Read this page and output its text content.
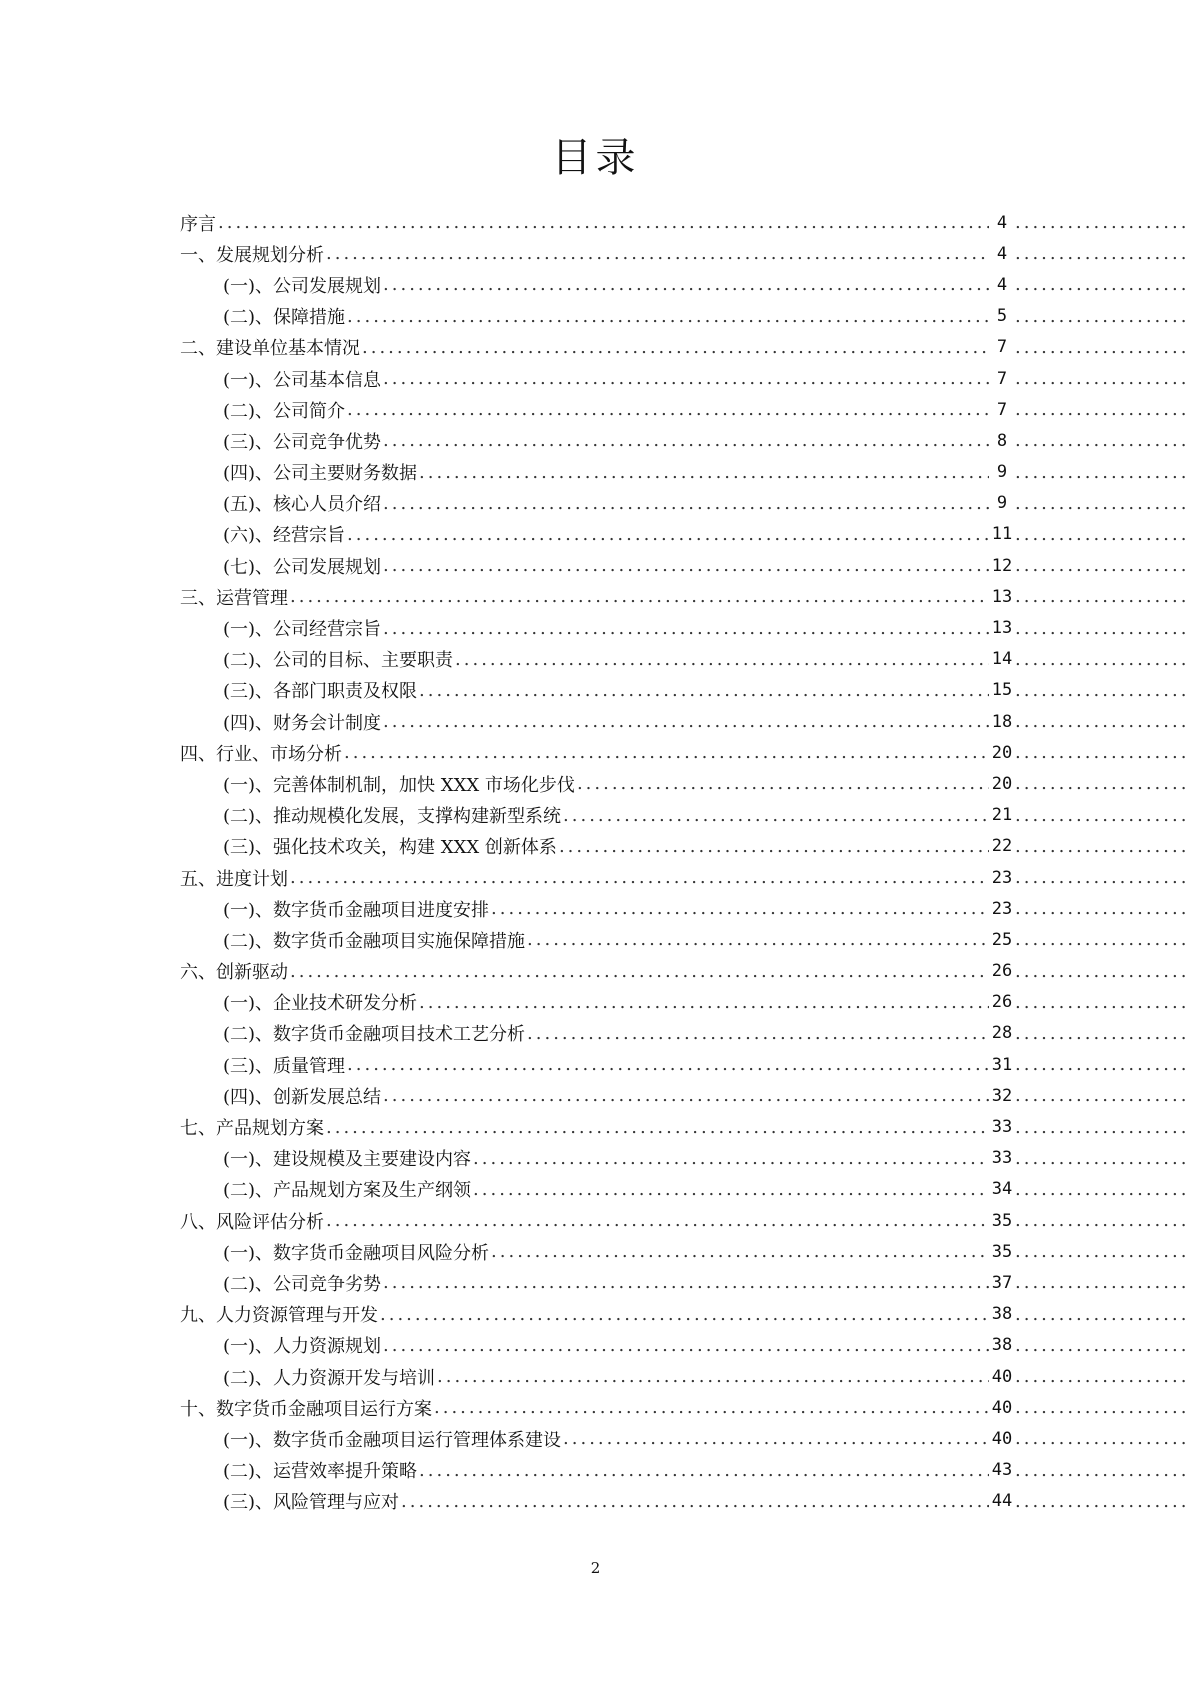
目录
序言 .....	4
.....
一、发展规划分析 .....	4
.....
(一)、公司发展规划 .....	4
.....
(二)、保障措施 .....	5
.....
二、建设单位基本情况 .....	7
.....
(一)、公司基本信息 .....	7
.....
(二)、公司简介 .....	7
.....
(三)、公司竞争优势 .....	8
.....
(四)、公司主要财务数据 .....	9
.....
(五)、核心人员介绍 .....	9
.....
(六)、经营宗旨 .....	11
.....
(七)、公司发展规划 .....	12
.....
三、运营管理 .....	13
.....
(一)、公司经营宗旨 .....	13
.....
(二)、公司的目标、主要职责 .....	14
.....
(三)、各部门职责及权限 .....	15
.....
(四)、财务会计制度 .....	18
.....
四、行业、市场分析 .....	20
.....
(一)、完善体制机制，加快 XXX 市场化步伐 .....	20
.....
(二)、推动规模化发展，支撑构建新型系统 .....	21
.....
(三)、强化技术攻关，构建 XXX 创新体系 .....	22
.....
五、进度计划 .....	23
.....
(一)、数字货币金融项目进度安排 .....	23
.....
(二)、数字货币金融项目实施保障措施 .....	25
.....
六、创新驱动 .....	26
.....
(一)、企业技术研发分析 .....	26
.....
(二)、数字货币金融项目技术工艺分析 .....	28
.....
(三)、质量管理 .....	31
.....
(四)、创新发展总结 .....	32
.....
七、产品规划方案 .....	33
.....
(一)、建设规模及主要建设内容 .....	33
.....
(二)、产品规划方案及生产纲领 .....	34
.....
八、风险评估分析 .....	35
.....
(一)、数字货币金融项目风险分析 .....	35
.....
(二)、公司竞争劣势 .....	37
.....
九、人力资源管理与开发 .....	38
.....
(一)、人力资源规划 .....	38
.....
(二)、人力资源开发与培训 .....	40
.....
十、数字货币金融项目运行方案 .....	40
.....
(一)、数字货币金融项目运行管理体系建设 .....	40
.....
(二)、运营效率提升策略 .....	43
.....
(三)、风险管理与应对 .....	44
.....
2
